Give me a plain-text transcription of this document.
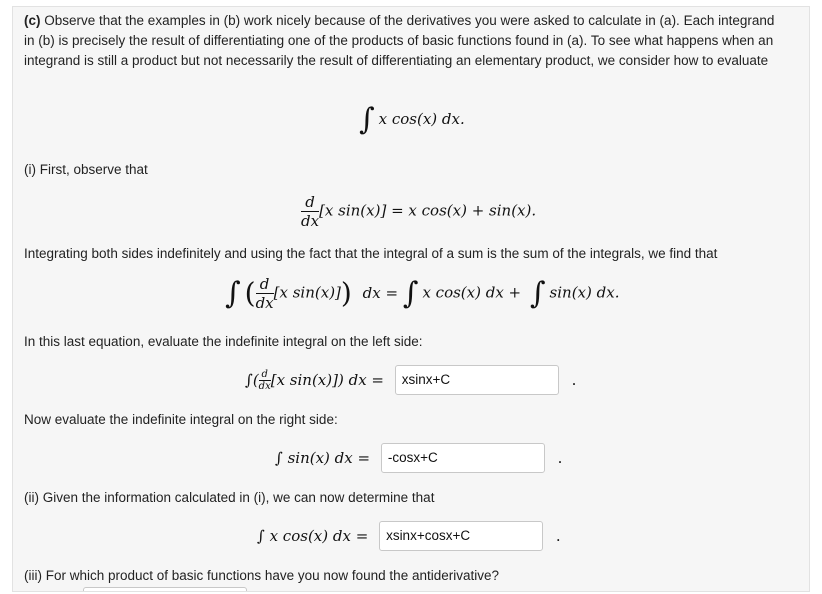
(c) Observe that the examples in (b) work nicely because of the derivatives you were asked to calculate in (a). Each integrand in (b) is precisely the result of differentiating one of the products of basic functions found in (a). To see what happens when an integrand is still a product but not necessarily the result of differentiating an elementary product, we consider how to evaluate
∫ x cos(x) dx.
(i) First, observe that
$\frac{d}{dx} [x$ sin(x)] = x cos(x) + sin(x).
Integrating both sides indefinitely and using the fact that the integral of a sum is the sum of the integrals, we find that
∫ ( $\frac{d}{dx} [x$ sin(x)]) dx = ∫ x cos(x) dx + ∫ sin(x) dx.
In this last equation, evaluate the indefinite integral on the left side:
∫( $\frac{d}{dx} [x$ sin(x)]) dx = xsinx+C	.
Now evaluate the indefinite integral on the right side:
∫ sin(x) dx = -cosx+C	.
(ii) Given the information calculated in (i), we can now determine that
∫ x cos(x) dx = xsinx+cosx+C	.
(iii) For which product of basic functions have you now found the antiderivative?
